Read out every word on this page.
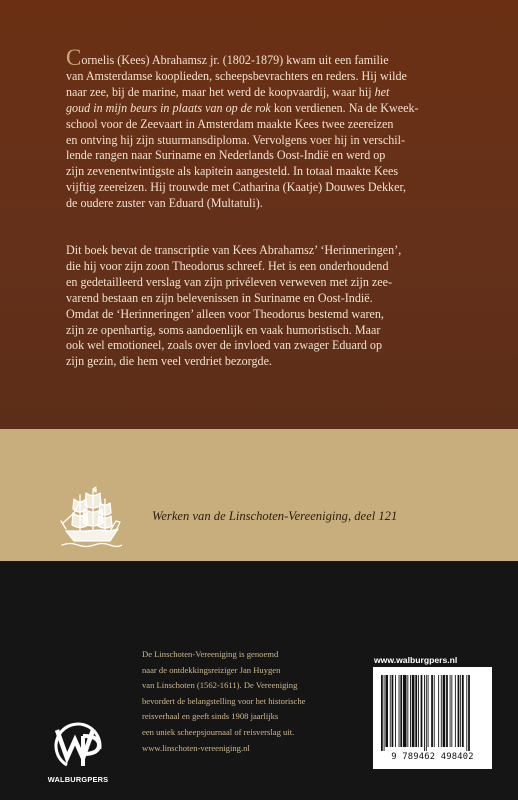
Cornelis (Kees) Abrahamsz jr. (1802-1879) kwam uit een familie
van Amsterdamse kooplieden, scheepsbevrachters en reders. Hij wilde
naar zee, bij de marine, maar het werd de koopvaardij, waar hij het
goud in mijn beurs in plaats van op de rok kon verdienen. Na de Kweek-
school voor de Zeevaart in Amsterdam maakte Kees twee zeereizen
en ontving hij zijn stuurmansdiploma. Vervolgens voer hij in verschil-
lende rangen naar Suriname en Nederlands Oost-Indië en werd op
zijn zevenentwintigste als kapitein aangesteld. In totaal maakte Kees
vijftig zeereizen. Hij trouwde met Catharina (Kaatje) Douwes Dekker,
de oudere zuster van Eduard (Multatuli).
Dit boek bevat de transcriptie van Kees Abrahamsz’ ‘Herinneringen’,
die hij voor zijn zoon Theodorus schreef. Het is een onderhoudend
en gedetailleerd verslag van zijn privéleven verweven met zijn zee-
varend bestaan en zijn belevenissen in Suriname en Oost-Indië.
Omdat de ‘Herinneringen’ alleen voor Theodorus bestemd waren,
zijn ze openhartig, soms aandoenlijk en vaak humoristisch. Maar
ook wel emotioneel, zoals over de invloed van zwager Eduard op
zijn gezin, die hem veel verdriet bezorgde.
Werken van de Linschoten-Vereeniging, deel 121
De Linschoten-Vereeniging is genoemd
naar de ontdekkingsreiziger Jan Huygen
van Linschoten (1562-1611). De Vereeniging
bevordert de belangstelling voor het historische
reisverhaal en geeft sinds 1908 jaarlijks
een uniek scheepsjournaal of reisverslag uit.
www.linschoten-vereeniging.nl
WALBURGPERS
www.walburgpers.nl
9 789462 498402
